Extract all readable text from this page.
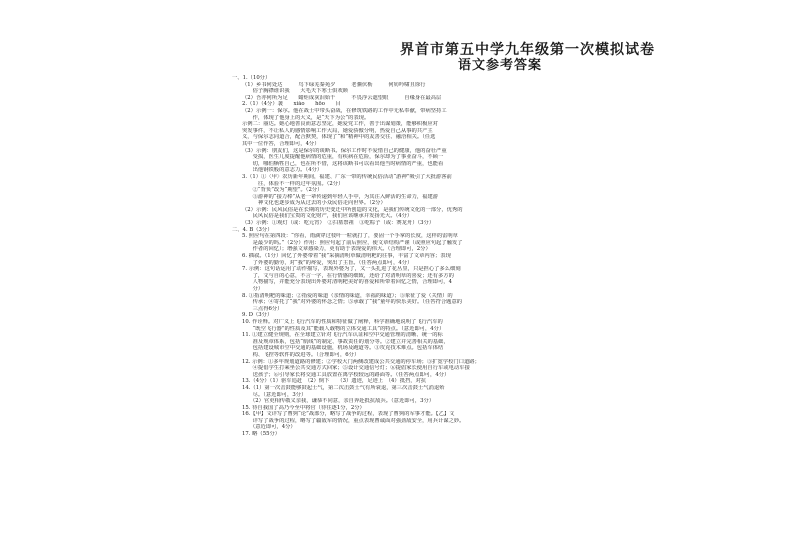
界首市第五中学九年级第一次模拟试卷
语文参考答案
一、1.（10分）
（1）乡书何处达　　　鸟下绿芜秦苑夕　　　老骥伏枥　　　何妨吟啸且徐行
　　俗子胸襟谁识我　　大毛天下寒士俱欢颜
（2）吾亦何所为足　　蜡炬成灰泪始干　　　不畏浮云遮望眼　　　自缘身在最高层
2.（1）（4分）袭　　xiǎo　　hōo　　目
（2）示例一：保尔。他在战士中带头奋战，在修筑铁路的工作中无私奉献，带病坚持工
　　作，体现了他身上的大义，是“天下为公”的表现。
示例二：丽达。她心地善良而意志坚定，她爱党工作，善于出谋划策，能够积极应对
突发事件，不让私人的感情影响工作大局，她爱骄傲分明，热爱自己从事的共产主
义，与保尔志同道合，配合默契，体现了“和”精神中的友善交往、融洽相关。（任选
其中一位作答，合理即可，4分）
（3）示例：朋友们，这是保尔的谈断书。保尔工作时不爱惜自己的健康，他的奋壮严重
　　受损，医生几度提醒他病情的危重，有疾病在危险，保尔却为了事业奋斗，不顾一
　　切，哪怕牺牲自己，也在所不惜，这将该断书可以看出他当时病情的严重，也能看
　　出他钢铁般的意志力。（4分）
3.（1）①〈甲〉农历新年期间，福建、广东一带的传统民俗活动“游神”吸引了大批游客前
　　　往，体验不一样的过年氛围。（2分）
　　②“背负”改为“期望”。（2分）
　　③游神的“接力棒”从老一辈传递到年轻人手中，为其注入鲜活的生命力，福建游
　　　神文化也逐步成为从过去的小众民俗走向世界。（2分）
（2）示例：民风民俗是在长期的历史变迁中所创造的文化，是我们传统文化的一部分，优秀的
　　民风民俗是我们宝贵的文化财产，我们应该继承并发扬光大。（4分）
（3）示例：①观灯（或：吃元宵）　②扫墓祭祖　③吃粽子（或：赛龙舟）（3分）
二、4. B（3分）
5. 照应句在第四段：“你看，雨滴穿过枝叶一粒就打了，要固一个手掌的长度，这样的雷明草
　　是最少的吗。”（2分）作用：照应句起了前后照应，使文章结构严谨（或照应句起了触发了
　　作者的回忆）；增强文章感染力，更有助于表现爱的伟大。（合理即可，2分）
6. 插叙。（1分）回忆了外婆带着“我”采摘清明草做清明粑的往事，丰富了文章内容；表现
　　了外婆的勤劳，对“我”的疼爱，突出了主旨。（任答两点即可，4分）
7. 示例：这句话运用了动作描写，表现外婆为了，又一头扎进了花丛里，只是担心了多么细刻
　　了，文与自的心意，不言一字，在行情感的细致，还给了对清明草的喜爱；还有多方的
　　人物描写，并能充分表现出外婆对清明粑美好的喜爱和所带着回忆之情，合理即可，4
　　分）
8. ①指清明粑的味道；②指爱的味道（亲情的味道，幸福的味道）；③象征了爱（关情）的
　　传承；④寄托了“我”对外婆的怀念之情；⑤承载了“我”童年的快乐美好。（任答符合题意的
　　三点得6分）
9. D（3分）
10. 作诠释。对广义上飞行汽车的性质和特征做了阐释，科学准确地说明了飞行汽车的
　　“既空飞行器”的性质及其“能载人载物的立体交通工具”的特点。（意近即可，4分）
11. ①建立健全规则，在全球建立针对飞行汽车认证和空中交通管理的清晰、统一的标
　　准及规章体系，包括“航线”的制定、事故责任的划分等。②建立并完善相关的基础，
　　包括建设城市空中交通的基础设施，机场及跑道等。③攻克技术难点。包括车体结
　　构、飞控等软件的改进等。（合理即可，6分）
12. 示例：①多年规划道路的修建；②学校大门两侧改建成公共交通的停车场；③扩宽学校门口道路；
　　④提倡学生打乘坐公共交通方式回家；⑤设计交通信号灯；⑥提倡家长使用自行车或电动车接
　　送孩子；⑥引导家长将交通工具放置在离学校较远的路面等。（任答两点即可，4分）
13.（4分）（1）驱车追赶　（2）倒下　　（3）遗迹，足迹上　（4）抵挡，对抗
14.（1）第一次击鼓能够鼓起士气，第二次击鼓士气有所衰退，第三次击鼓士气消退殆
　　尽。（意近即可，3分）
　　（2）官吏相传敬义亲我，谦恭不同意，亲自奔赴抵抗敌兵。（意近即可，3分）
15. 待自我国了高乃今至中将官（待往逐1分，2分）
16.【甲】文详写了曹刿“论”战部分，略写了战争的过程，表现了曹刿的军事才能。【乙】文
　　详写了战争的过程，略写了疆敌军的情况，重点表现曹诚面对强劲敌安全，用兵计谋之妙。
　　（意近即可，4分）
17. 略（55分）
